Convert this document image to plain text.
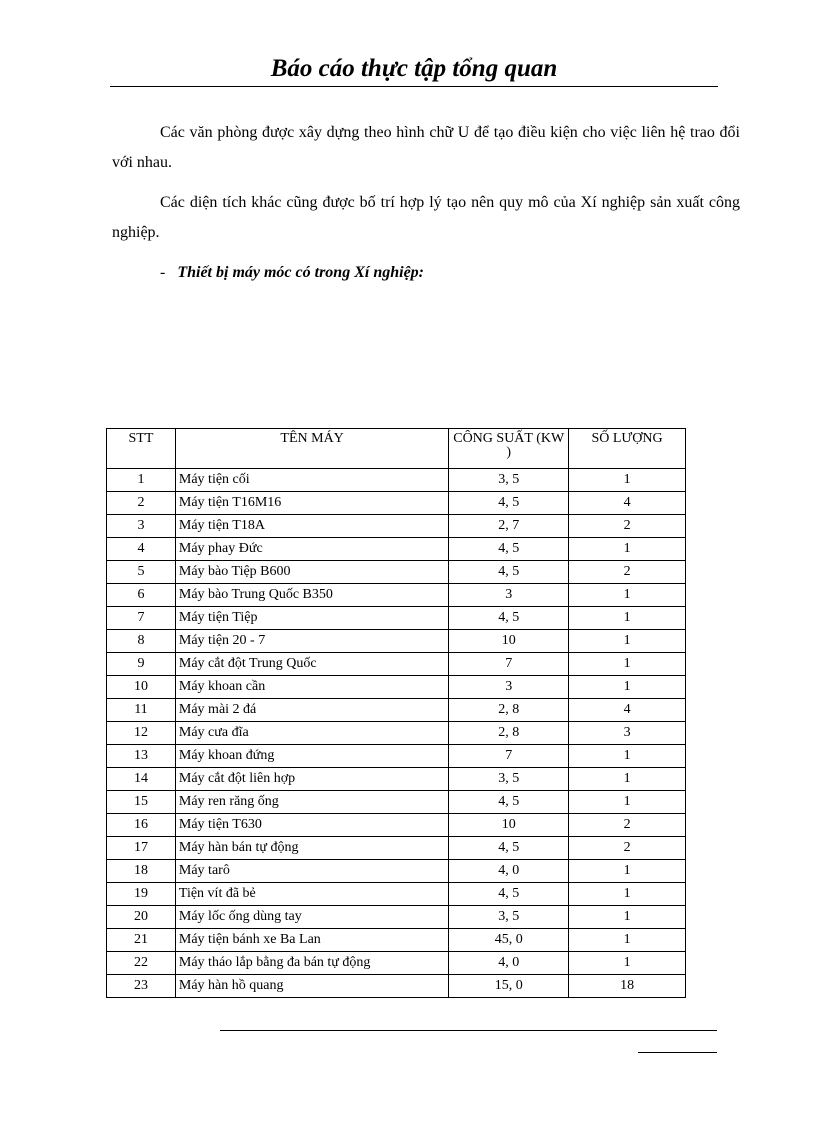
Báo cáo thực tập tổng quan

Các văn phòng được xây dựng theo hình chữ U để tạo điều kiện cho việc liên hệ trao đổi với nhau.

Các diện tích khác cũng được bố trí hợp lý tạo nên quy mô của Xí nghiệp sản xuất công nghiệp.

- Thiết bị máy móc có trong Xí nghiệp:

STT	TÊN MÁY	CÔNG SUẤT (KW )	SỐ LƯỢNG
1	Máy tiện cối	3, 5	1
2	Máy tiện T16M16	4, 5	4
3	Máy tiện T18A	2, 7	2
4	Máy phay Đức	4, 5	1
5	Máy bào Tiệp B600	4, 5	2
6	Máy bào Trung Quốc B350	3	1
7	Máy tiện Tiệp	4, 5	1
8	Máy tiện 20 - 7	10	1
9	Máy cắt đột Trung Quốc	7	1
10	Máy khoan cần	3	1
11	Máy mài 2 đá	2, 8	4
12	Máy cưa đĩa	2, 8	3
13	Máy khoan đứng	7	1
14	Máy cắt đột liên hợp	3, 5	1
15	Máy ren răng ống	4, 5	1
16	Máy tiện T630	10	2
17	Máy hàn bán tự động	4, 5	2
18	Máy tarô	4, 0	1
19	Tiện vít đã bẻ	4, 5	1
20	Máy lốc ống dùng tay	3, 5	1
21	Máy tiện bánh xe Ba Lan	45, 0	1
22	Máy tháo lắp bằng đa bán tự động	4, 0	1
23	Máy hàn hồ quang	15, 0	18
